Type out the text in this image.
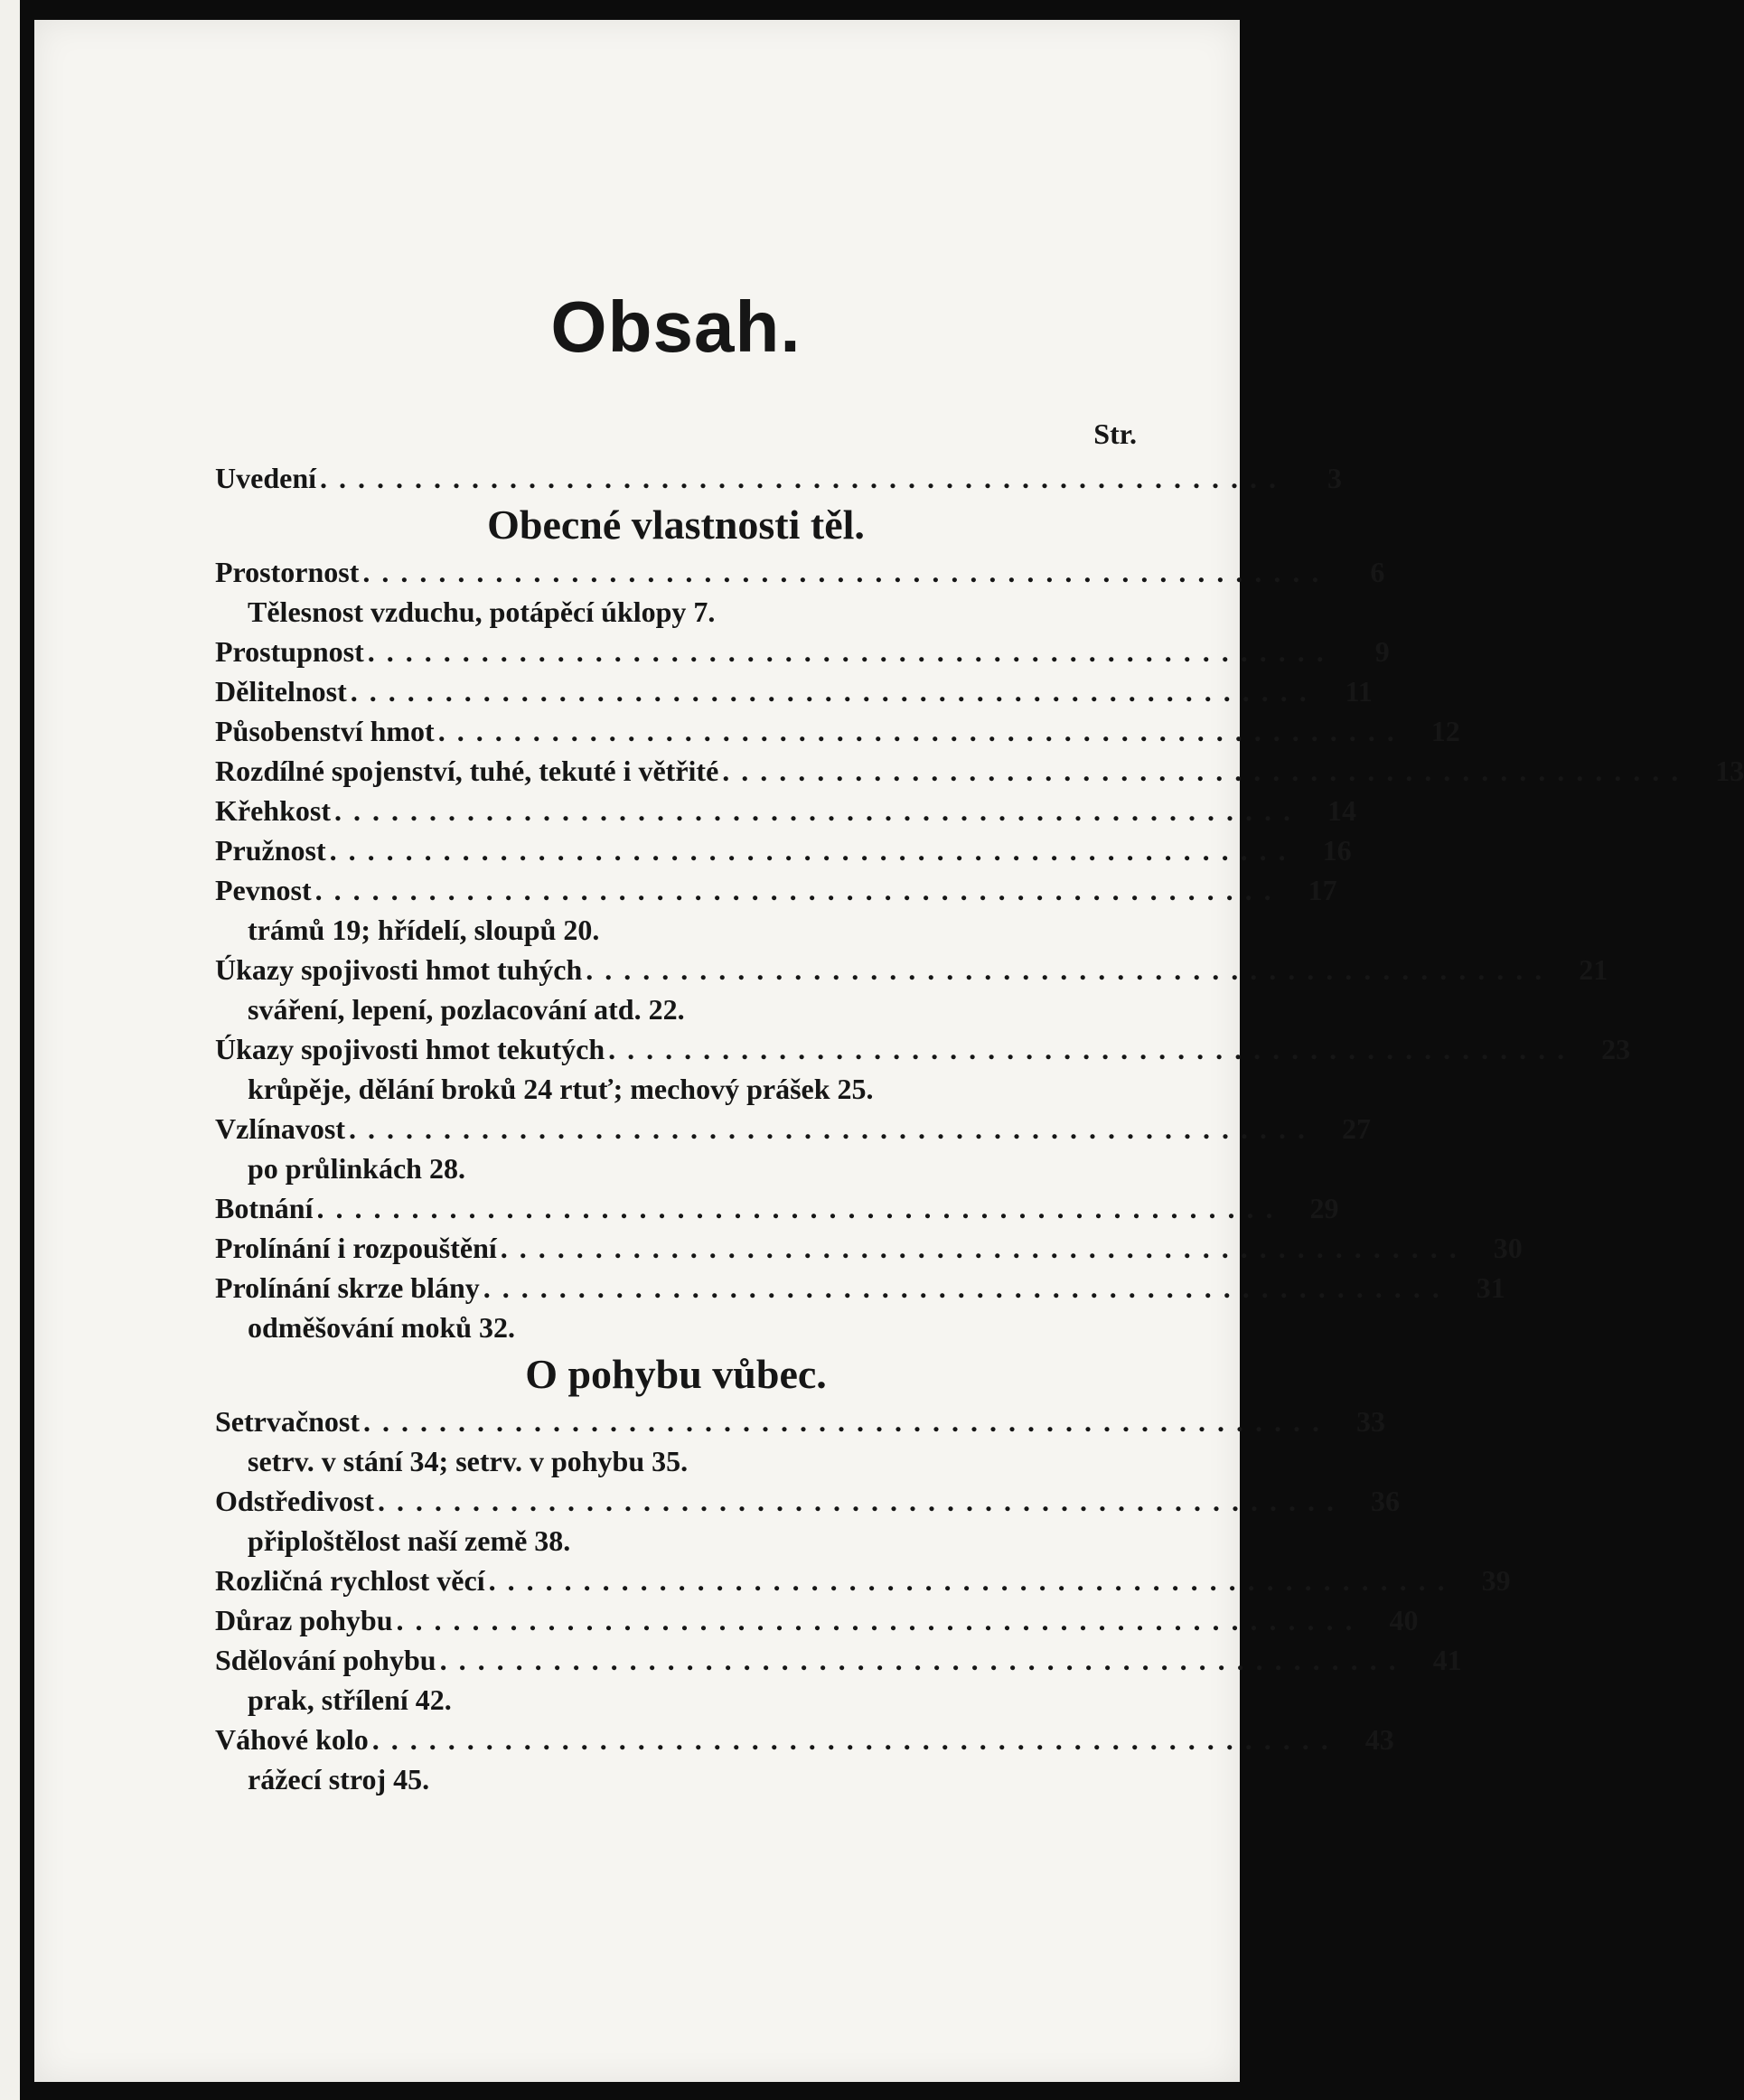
Obsah.
Str.
Uvedení ...................................................	3
Obecné vlastnosti těl.
Prostornost ...................................................	6
Tělesnost vzduchu, potápěcí úklopy 7.
Prostupnost ...................................................	9
Dělitelnost ................................................... 11
Působenství hmot ................................................... 12
Rozdílné spojenství, tuhé, tekuté i větřité ................................................... 13
Křehkost ................................................... 14
Pružnost ................................................... 16
Pevnost ................................................... 17
trámů 19; hřídelí, sloupů 20.
Úkazy spojivosti hmot tuhých ................................................... 21
sváření, lepení, pozlacování atd. 22.
Úkazy spojivosti hmot tekutých ................................................... 23
krůpěje, dělání broků 24 rtuť; mechový prášek 25.
Vzlínavost ................................................... 27
po průlinkách 28.
Botnání ................................................... 29
Prolínání i rozpouštění ................................................... 30
Prolínání skrze blány ................................................... 31
odměšování moků 32.
O pohybu vůbec.
Setrvačnost ................................................... 33
setrv. v stání 34; setrv. v pohybu 35.
Odstředivost ................................................... 36
připloštělost naší země 38.
Rozličná rychlost věcí ................................................... 39
Důraz pohybu ................................................... 40
Sdělování pohybu ................................................... 41
prak, střílení 42.
Váhové kolo ................................................... 43
rážecí stroj 45.
